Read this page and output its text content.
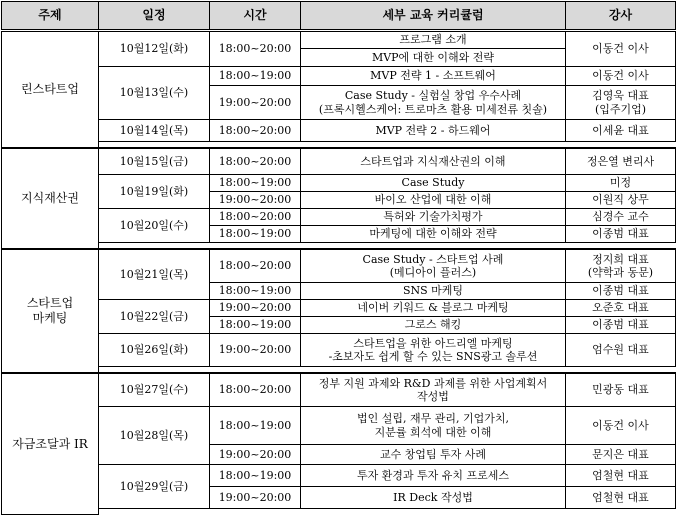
주제	일정	시간	세부 교육 커리큘럼	강사
린스타트업	10월12일(화)	18:00~20:00	프로그램 소개	이동건 이사
			MVP에 대한 이해와 전략	
	10월13일(수)	18:00~19:00	MVP 전략 1 - 소프트웨어	이동건 이사
		19:00~20:00	Case Study - 실험실 창업 우수사례
(프록시헬스케어: 트로마츠 활용 미세전류 칫솔)	김영욱 대표
(입주기업)
	10월14일(목)	18:00~20:00	MVP 전략 2 - 하드웨어	이세윤 대표

지식재산권	10월15일(금)	18:00~20:00	스타트업과 지식재산권의 이해	정은열 변리사
	10월19일(화)	18:00~19:00	Case Study	미정
		19:00~20:00	바이오 산업에 대한 이해	이원직 상무
	10월20일(수)	18:00~20:00	특허와 기술가치평가	심경수 교수
		18:00~19:00	마케팅에 대한 이해와 전략	이종범 대표

스타트업
마케팅	10월21일(목)	18:00~20:00	Case Study - 스타트업 사례
(메디아이 플러스)	정지희 대표
(약학과 동문)
		18:00~19:00	SNS 마케팅	이종범 대표
	10월22일(금)	19:00~20:00	네이버 키워드 & 블로그 마케팅	오준호 대표
		18:00~19:00	그로스 해킹	이종범 대표
	10월26일(화)	19:00~20:00	스타트업을 위한 아드리엘 마케팅
-초보자도 쉽게 할 수 있는 SNS광고 솔루션	엄수원 대표

자금조달과 IR	10월27일(수)	18:00~20:00	정부 지원 과제와 R&D 과제를 위한 사업계획서
작성법	민광동 대표
	10월28일(목)	18:00~19:00	법인 설립, 재무 관리, 기업가치,
지분률 희석에 대한 이해	이동건 이사
		19:00~20:00	교수 창업팀 투자 사례	문지은 대표
	10월29일(금)	18:00~19:00	투자 환경과 투자 유치 프로세스	엄철현 대표
		19:00~20:00	IR Deck 작성법	엄철현 대표
